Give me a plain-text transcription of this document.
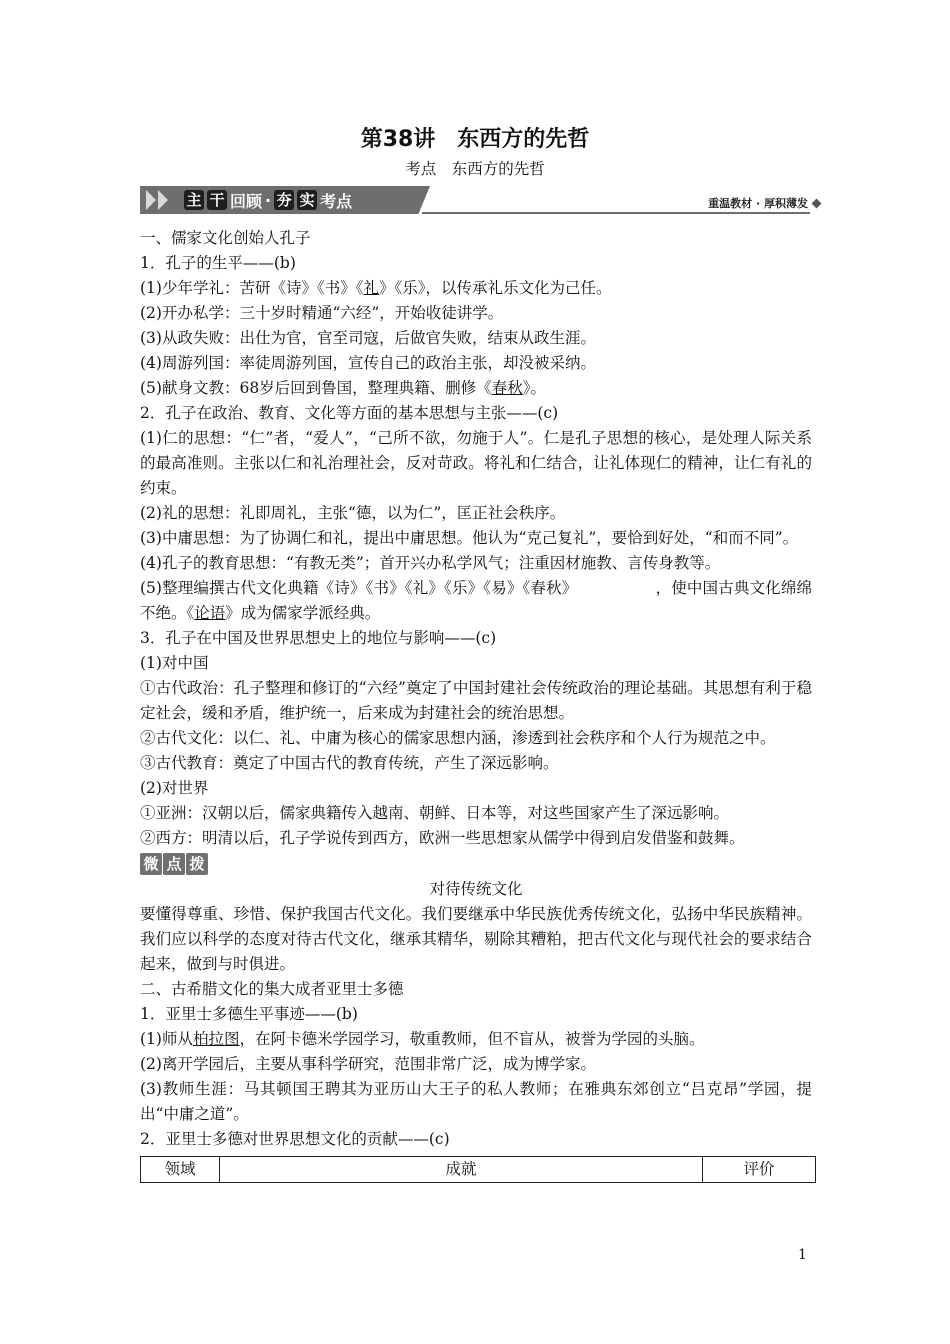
第38讲　东西方的先哲
考点　东西方的先哲
主 干 回顾 · 夯 实 考点	重温教材 · 厚积薄发

一、儒家文化创始人孔子

1．孔子的生平——(b)

(1)少年学礼：苦研《诗》《书》《礼》《乐》，以传承礼乐文化为己任。

(2)开办私学：三十岁时精通“六经”，开始收徒讲学。

(3)从政失败：出仕为官，官至司寇，后做官失败，结束从政生涯。

(4)周游列国：率徒周游列国，宣传自己的政治主张，却没被采纳。

(5)献身文教：68岁后回到鲁国，整理典籍、删修《春秋》。

2．孔子在政治、教育、文化等方面的基本思想与主张——(c)

(1)仁的思想：“仁”者，“爱人”，“己所不欲，勿施于人”。仁是孔子思想的核心，是处理人际关系的最高准则。主张以仁和礼治理社会，反对苛政。将礼和仁结合，让礼体现仁的精神，让仁有礼的约束。

(2)礼的思想：礼即周礼，主张“德，以为仁”，匡正社会秩序。

(3)中庸思想：为了协调仁和礼，提出中庸思想。他认为“克己复礼”，要恰到好处，“和而不同”。

(4)孔子的教育思想：“有教无类”；首开兴办私学风气；注重因材施教、言传身教等。

(5)整理编撰古代文化典籍《诗》《书》《礼》《乐》《易》《春秋》	，使中国古典文化绵绵不绝。《论语》成为儒家学派经典。

3．孔子在中国及世界思想史上的地位与影响——(c)

(1)对中国

①古代政治：孔子整理和修订的“六经”奠定了中国封建社会传统政治的理论基础。其思想有利于稳定社会，缓和矛盾，维护统一，后来成为封建社会的统治思想。

②古代文化：以仁、礼、中庸为核心的儒家思想内涵，渗透到社会秩序和个人行为规范之中。

③古代教育：奠定了中国古代的教育传统，产生了深远影响。

(2)对世界

①亚洲：汉朝以后，儒家典籍传入越南、朝鲜、日本等，对这些国家产生了深远影响。

②西方：明清以后，孔子学说传到西方，欧洲一些思想家从儒学中得到启发借鉴和鼓舞。

微 点 拨

对待传统文化

要懂得尊重、珍惜、保护我国古代文化。我们要继承中华民族优秀传统文化，弘扬中华民族精神。我们应以科学的态度对待古代文化，继承其精华，剔除其糟粕，把古代文化与现代社会的要求结合起来，做到与时俱进。

二、古希腊文化的集大成者亚里士多德

1．亚里士多德生平事迹——(b)

(1)师从柏拉图，在阿卡德米学园学习，敬重教师，但不盲从，被誉为学园的头脑。

(2)离开学园后，主要从事科学研究，范围非常广泛，成为博学家。

(3)教师生涯：马其顿国王聘其为亚历山大王子的私人教师；在雅典东郊创立“吕克昂”学园，提出“中庸之道”。

2．亚里士多德对世界思想文化的贡献——(c)

领域	成就	评价
1
